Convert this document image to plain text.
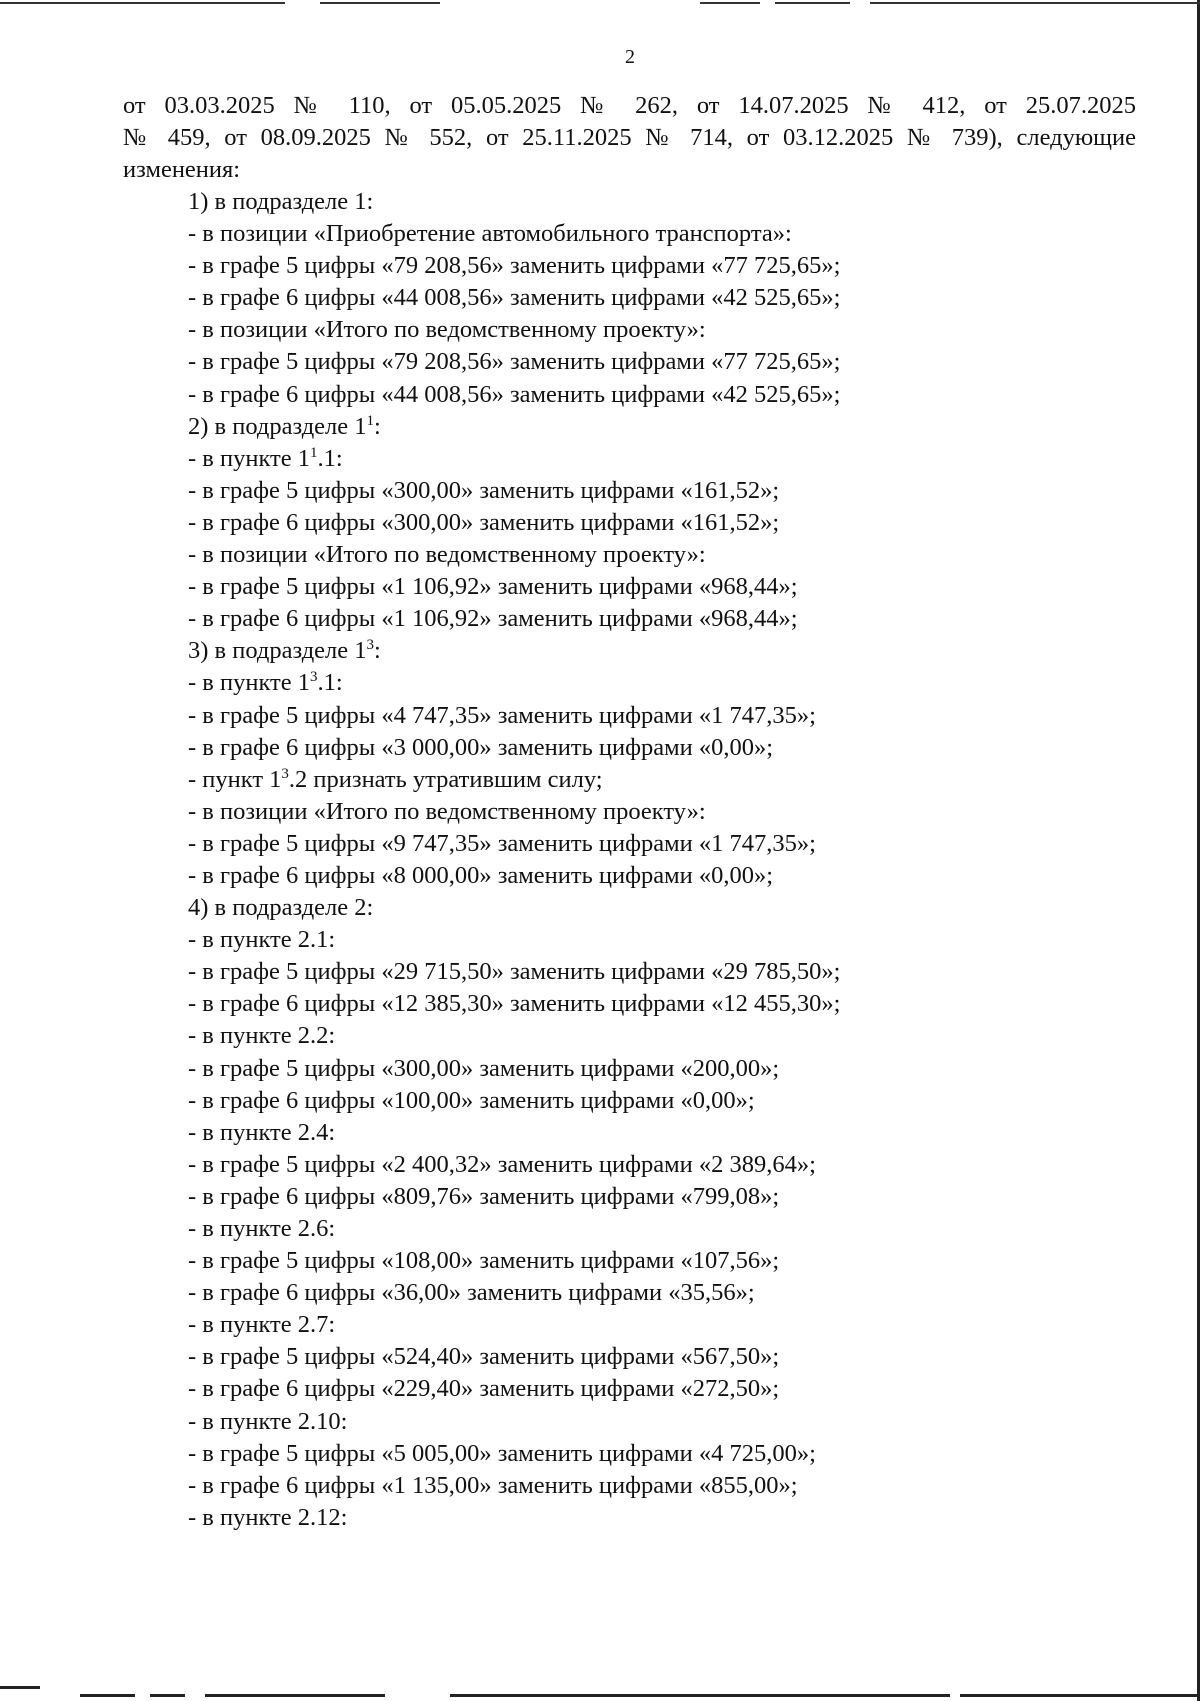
2
от 03.03.2025 № 110, от 05.05.2025 № 262, от 14.07.2025 № 412, от 25.07.2025
№ 459, от 08.09.2025 № 552, от 25.11.2025 № 714, от 03.12.2025 № 739), следующие
изменения:
1) в подразделе 1:
- в позиции «Приобретение автомобильного транспорта»:
- в графе 5 цифры «79 208,56» заменить цифрами «77 725,65»;
- в графе 6 цифры «44 008,56» заменить цифрами «42 525,65»;
- в позиции «Итого по ведомственному проекту»:
- в графе 5 цифры «79 208,56» заменить цифрами «77 725,65»;
- в графе 6 цифры «44 008,56» заменить цифрами «42 525,65»;
2) в подразделе $1^1$:
- в пункте $1^1.1$:
- в графе 5 цифры «300,00» заменить цифрами «161,52»;
- в графе 6 цифры «300,00» заменить цифрами «161,52»;
- в позиции «Итого по ведомственному проекту»:
- в графе 5 цифры «1 106,92» заменить цифрами «968,44»;
- в графе 6 цифры «1 106,92» заменить цифрами «968,44»;
3) в подразделе $1^3$:
- в пункте $1^3.1$:
- в графе 5 цифры «4 747,35» заменить цифрами «1 747,35»;
- в графе 6 цифры «3 000,00» заменить цифрами «0,00»;
- пункт $1^3.2$ признать утратившим силу;
- в позиции «Итого по ведомственному проекту»:
- в графе 5 цифры «9 747,35» заменить цифрами «1 747,35»;
- в графе 6 цифры «8 000,00» заменить цифрами «0,00»;
4) в подразделе 2:
- в пункте 2.1:
- в графе 5 цифры «29 715,50» заменить цифрами «29 785,50»;
- в графе 6 цифры «12 385,30» заменить цифрами «12 455,30»;
- в пункте 2.2:
- в графе 5 цифры «300,00» заменить цифрами «200,00»;
- в графе 6 цифры «100,00» заменить цифрами «0,00»;
- в пункте 2.4:
- в графе 5 цифры «2 400,32» заменить цифрами «2 389,64»;
- в графе 6 цифры «809,76» заменить цифрами «799,08»;
- в пункте 2.6:
- в графе 5 цифры «108,00» заменить цифрами «107,56»;
- в графе 6 цифры «36,00» заменить цифрами «35,56»;
- в пункте 2.7:
- в графе 5 цифры «524,40» заменить цифрами «567,50»;
- в графе 6 цифры «229,40» заменить цифрами «272,50»;
- в пункте 2.10:
- в графе 5 цифры «5 005,00» заменить цифрами «4 725,00»;
- в графе 6 цифры «1 135,00» заменить цифрами «855,00»;
- в пункте 2.12:
